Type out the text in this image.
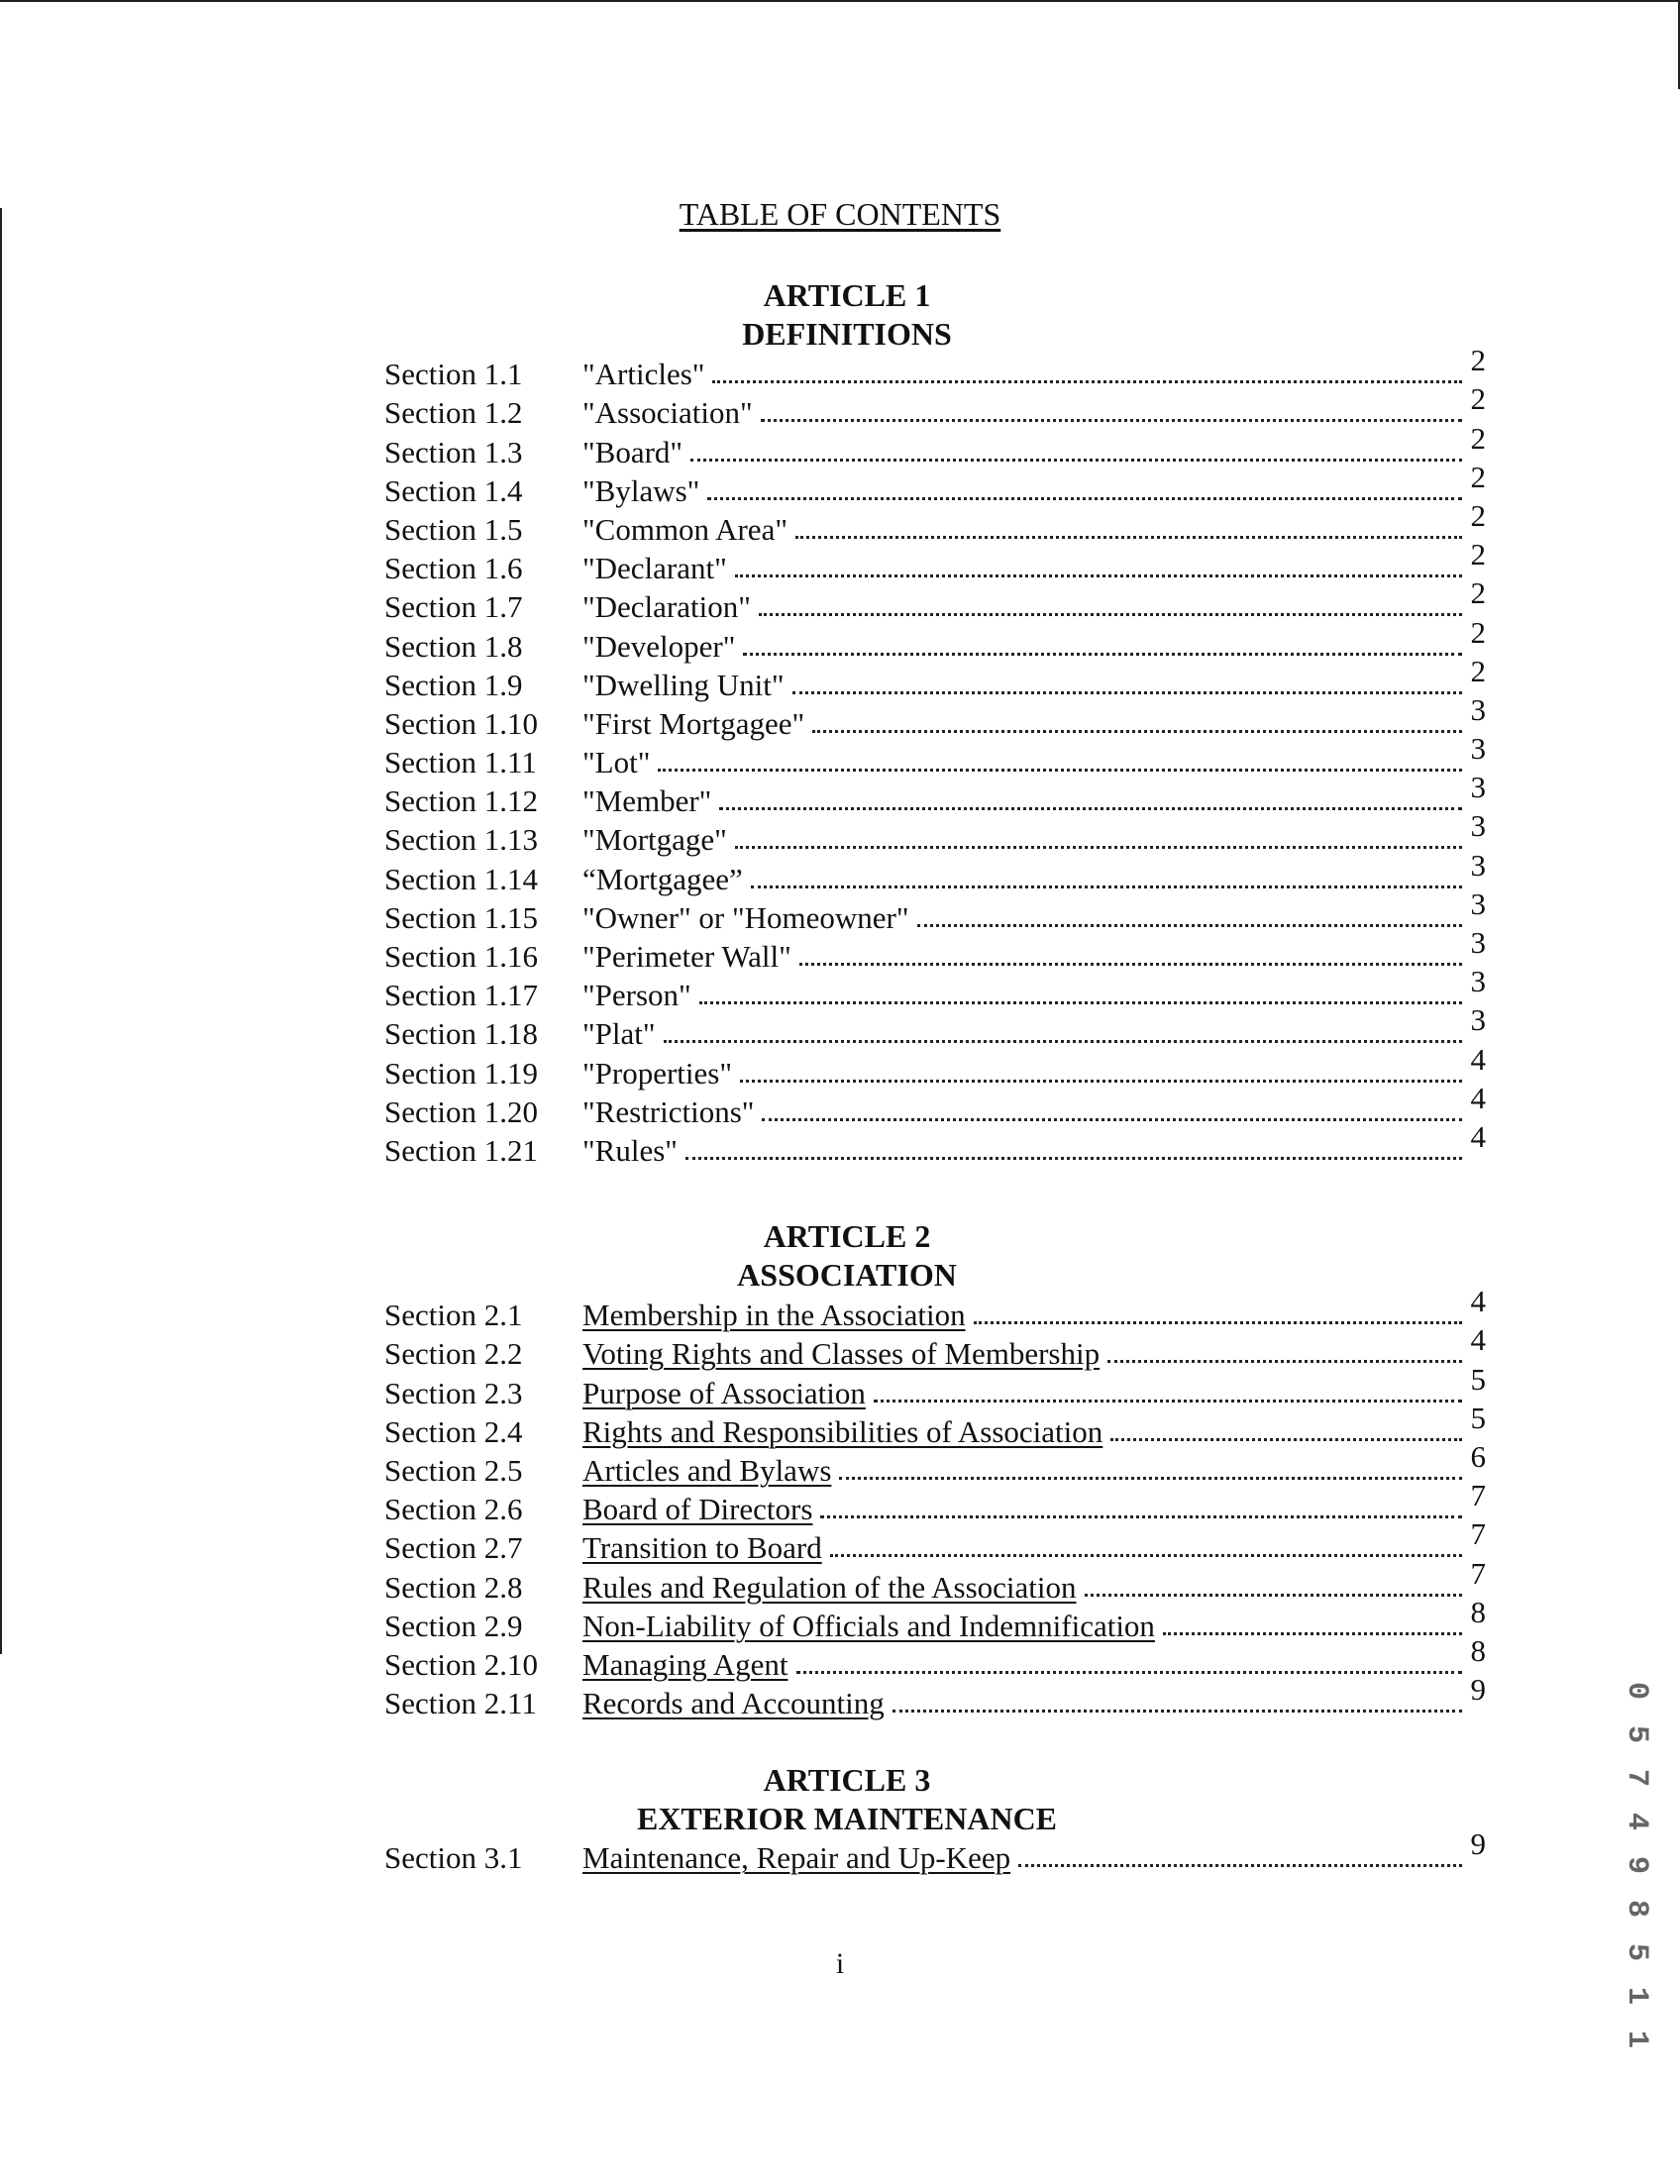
TABLE OF CONTENTS
ARTICLE 1
DEFINITIONS
Section 1.1	"Articles"	2
Section 1.2	"Association"	2
Section 1.3	"Board"	2
Section 1.4	"Bylaws"	2
Section 1.5	"Common Area"	2
Section 1.6	"Declarant"	2
Section 1.7	"Declaration"	2
Section 1.8	"Developer"	2
Section 1.9	"Dwelling Unit"	2
Section 1.10	"First Mortgagee"	3
Section 1.11	"Lot"	3
Section 1.12	"Member"	3
Section 1.13	"Mortgage"	3
Section 1.14	“Mortgagee”	3
Section 1.15	"Owner" or "Homeowner"	3
Section 1.16	"Perimeter Wall"	3
Section 1.17	"Person"	3
Section 1.18	"Plat"	3
Section 1.19	"Properties"	4
Section 1.20	"Restrictions"	4
Section 1.21	"Rules"	4
ARTICLE 2
ASSOCIATION
Section 2.1	Membership in the Association	4
Section 2.2	Voting Rights and Classes of Membership	4
Section 2.3	Purpose of Association	5
Section 2.4	Rights and Responsibilities of Association	5
Section 2.5	Articles and Bylaws	6
Section 2.6	Board of Directors	7
Section 2.7	Transition to Board	7
Section 2.8	Rules and Regulation of the Association	7
Section 2.9	Non-Liability of Officials and Indemnification	8
Section 2.10	Managing Agent	8
Section 2.11	Records and Accounting	9
ARTICLE 3
EXTERIOR MAINTENANCE
Section 3.1	Maintenance, Repair and Up-Keep	9
i	0 5 7 4 9 8 5 1 1
